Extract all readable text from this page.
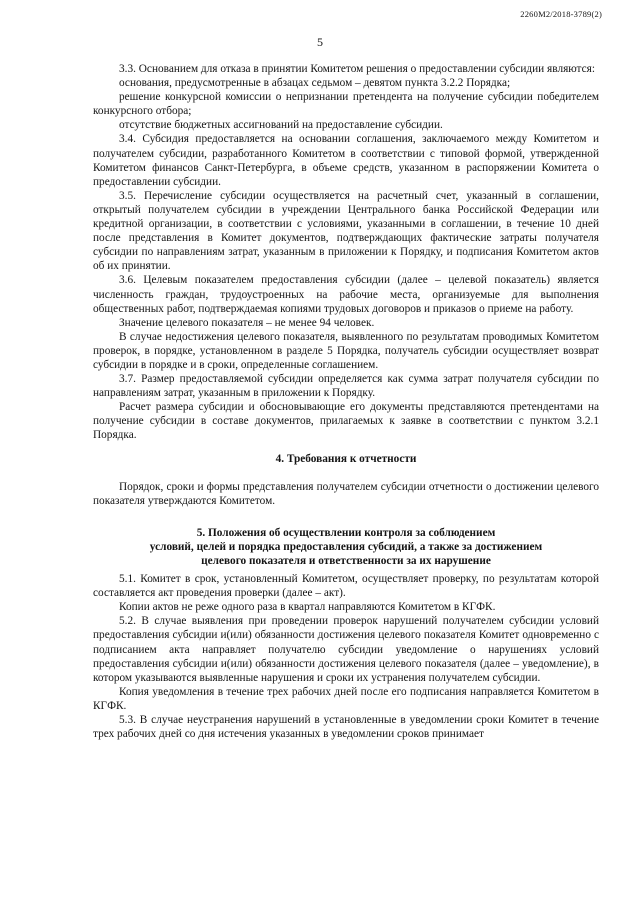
2260М2/2018-3789(2)
5

3.3. Основанием для отказа в принятии Комитетом решения о предоставлении субсидии являются:

основания, предусмотренные в абзацах седьмом – девятом пункта 3.2.2 Порядка;

решение конкурсной комиссии о непризнании претендента на получение субсидии победителем конкурсного отбора;

отсутствие бюджетных ассигнований на предоставление субсидии.

3.4. Субсидия предоставляется на основании соглашения, заключаемого между Комитетом и получателем субсидии, разработанного Комитетом в соответствии с типовой формой, утвержденной Комитетом финансов Санкт-Петербурга, в объеме средств, указанном в распоряжении Комитета о предоставлении субсидии.

3.5. Перечисление субсидии осуществляется на расчетный счет, указанный в соглашении, открытый получателем субсидии в учреждении Центрального банка Российской Федерации или кредитной организации, в соответствии с условиями, указанными в соглашении, в течение 10 дней после представления в Комитет документов, подтверждающих фактические затраты получателя субсидии по направлениям затрат, указанным в приложении к Порядку, и подписания Комитетом актов об их принятии.

3.6. Целевым показателем предоставления субсидии (далее – целевой показатель) является численность граждан, трудоустроенных на рабочие места, организуемые для выполнения общественных работ, подтверждаемая копиями трудовых договоров и приказов о приеме на работу.

Значение целевого показателя – не менее 94 человек.

В случае недостижения целевого показателя, выявленного по результатам проводимых Комитетом проверок, в порядке, установленном в разделе 5 Порядка, получатель субсидии осуществляет возврат субсидии в порядке и в сроки, определенные соглашением.

3.7. Размер предоставляемой субсидии определяется как сумма затрат получателя субсидии по направлениям затрат, указанным в приложении к Порядку.

Расчет размера субсидии и обосновывающие его документы представляются претендентами на получение субсидии в составе документов, прилагаемых к заявке в соответствии с пунктом 3.2.1 Порядка.

4. Требования к отчетности

Порядок, сроки и формы представления получателем субсидии отчетности о достижении целевого показателя утверждаются Комитетом.

5. Положения об осуществлении контроля за соблюдением

условий, целей и порядка предоставления субсидий, а также за достижением

целевого показателя и ответственности за их нарушение

5.1. Комитет в срок, установленный Комитетом, осуществляет проверку, по результатам которой составляется акт проведения проверки (далее – акт).

Копии актов не реже одного раза в квартал направляются Комитетом в КГФК.

5.2. В случае выявления при проведении проверок нарушений получателем субсидии условий предоставления субсидии и(или) обязанности достижения целевого показателя Комитет одновременно с подписанием акта направляет получателю субсидии уведомление о нарушениях условий предоставления субсидии и(или) обязанности достижения целевого показателя (далее – уведомление), в котором указываются выявленные нарушения и сроки их устранения получателем субсидии.

Копия уведомления в течение трех рабочих дней после его подписания направляется Комитетом в КГФК.

5.3. В случае неустранения нарушений в установленные в уведомлении сроки Комитет в течение трех рабочих дней со дня истечения указанных в уведомлении сроков принимает
